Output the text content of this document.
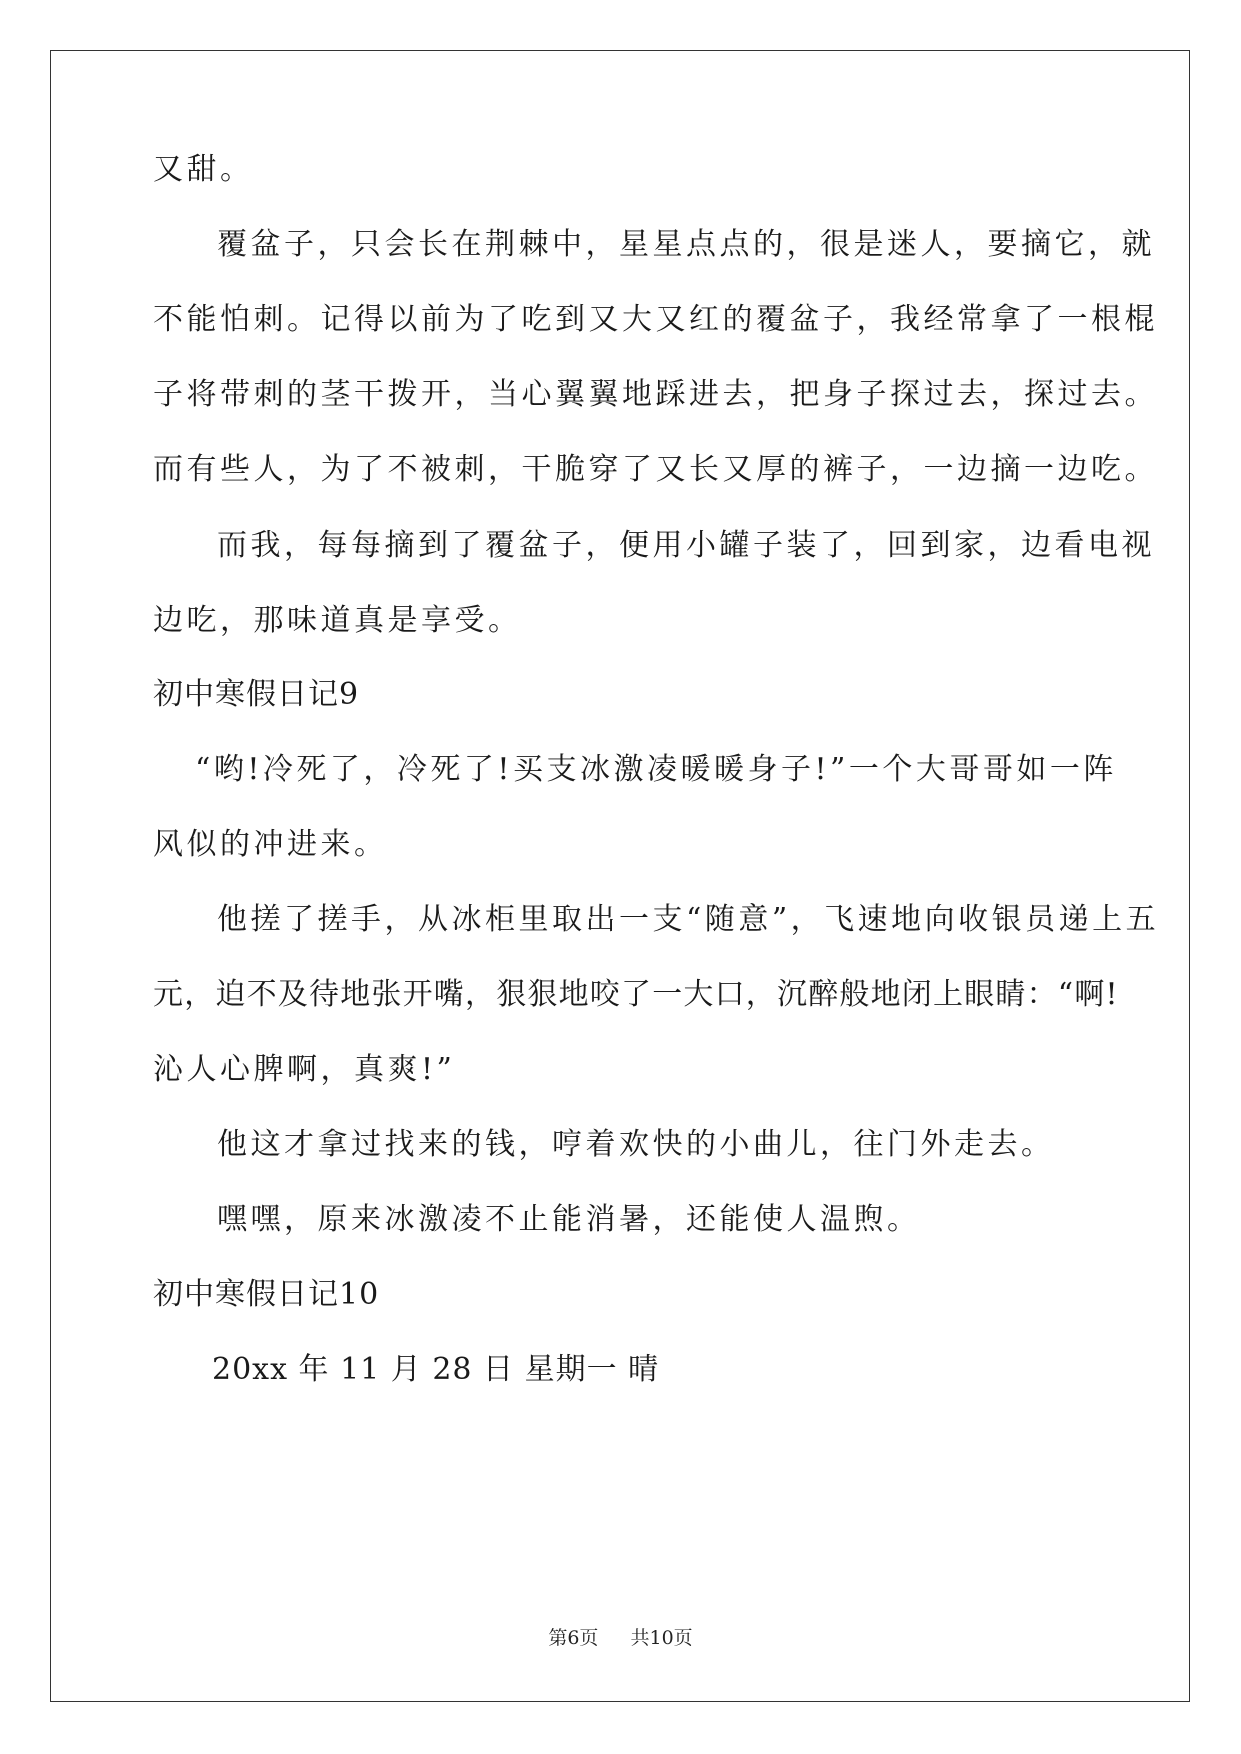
又甜。
覆盆子，只会长在荆棘中，星星点点的，很是迷人，要摘它，就
不能怕刺。记得以前为了吃到又大又红的覆盆子，我经常拿了一根棍
子将带刺的茎干拨开，当心翼翼地踩进去，把身子探过去，探过去。
而有些人，为了不被刺，干脆穿了又长又厚的裤子，一边摘一边吃。
而我，每每摘到了覆盆子，便用小罐子装了，回到家，边看电视
边吃，那味道真是享受。
初中寒假日记9
“哟!冷死了，冷死了!买支冰激凌暖暖身子!”一个大哥哥如一阵
风似的冲进来。
他搓了搓手，从冰柜里取出一支“随意”，飞速地向收银员递上五
元，迫不及待地张开嘴，狠狠地咬了一大口，沉醉般地闭上眼睛：“啊!
沁人心脾啊，真爽!”
他这才拿过找来的钱，哼着欢快的小曲儿，往门外走去。
嘿嘿，原来冰激凌不止能消暑，还能使人温煦。
初中寒假日记10
20xx 年 11 月 28 日 星期一 晴
第6页 共10页
